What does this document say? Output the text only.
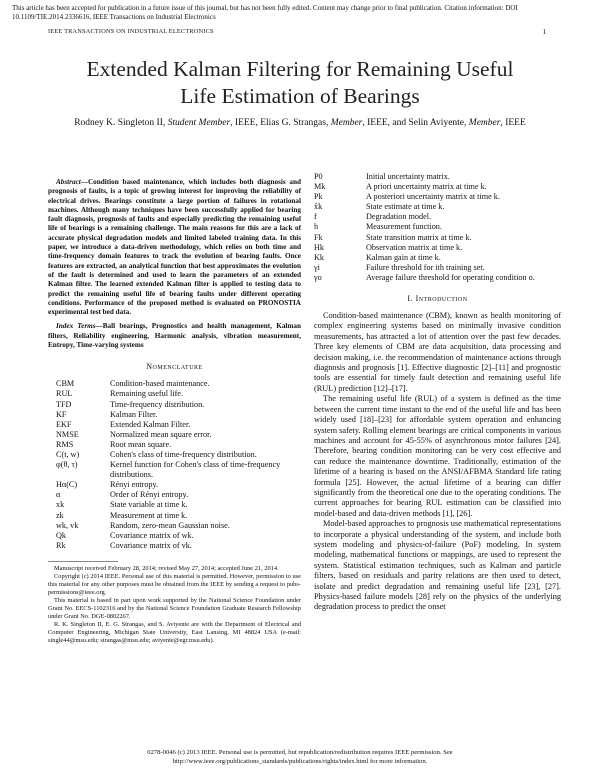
This article has been accepted for publication in a future issue of this journal, but has not been fully edited. Content may change prior to final publication. Citation information: DOI 10.1109/TIE.2014.2336616, IEEE Transactions on Industrial Electronics
IEEE TRANSACTIONS ON INDUSTRIAL ELECTRONICS	1
Extended Kalman Filtering for Remaining Useful
Life Estimation of Bearings
Rodney K. Singleton II, Student Member, IEEE, Elias G. Strangas, Member, IEEE, and Selin Aviyente, Member, IEEE

Abstract—Condition based maintenance, which includes both diagnosis and prognosis of faults, is a topic of growing interest for improving the reliability of electrical drives. Bearings constitute a large portion of failures in rotational machines. Although many techniques have been successfully applied for bearing fault diagnosis, prognosis of faults and especially predicting the remaining useful life of bearings is a remaining challenge. The main reasons for this are a lack of accurate physical degradation models and limited labeled training data. In this paper, we introduce a data-driven methodology, which relies on both time and time-frequency domain features to track the evolution of bearing faults. Once features are extracted, an analytical function that best approximates the evolution of the fault is determined and used to learn the parameters of an extended Kalman filter. The learned extended Kalman filter is applied to testing data to predict the remaining useful life of bearing faults under different operating conditions. Performance of the proposed method is evaluated on PRONOSTIA experimental test bed data.

Index Terms—Ball bearings, Prognostics and health management, Kalman filters, Reliability engineering, Harmonic analysis, vibration measurement, Entropy, Time-varying systems

Nomenclature
CBM	Condition-based maintenance.
RUL	Remaining useful life.
TFD	Time-frequency distribution.
KF	Kalman Filter.
EKF	Extended Kalman Filter.
NMSE	Normalized mean square error.
RMS	Root mean square.
C(t, w)	Cohen's class of time-frequency distribution.
φ(θ, τ)	Kernel function for Cohen's class of time-frequency distributions.
Hα(C)	Rényi entropy.
α	Order of Rényi entropy.
xk	State variable at time k.
zk	Measurement at time k.
wk, vk	Random, zero-mean Gaussian noise.
Qk	Covariance matrix of wk.
Rk	Covariance matrix of vk.

Manuscript received February 28, 2014; revised May 27, 2014; accepted June 21, 2014.

Copyright (c) 2014 IEEE. Personal use of this material is permitted. However, permission to use this material for any other purposes must be obtained from the IEEE by sending a request to pubs-permissions@ieee.org.

This material is based in part upon work supported by the National Science Foundation under Grant No. EECS-1102316 and by the National Science Foundation Graduate Research Fellowship under Grant No. DGE-0802267.

R. K. Singleton II, E. G. Strangas, and S. Aviyente are with the Department of Electrical and Computer Engineering, Michigan State University, East Lansing, MI 48824 USA (e-mail: single44@msu.edu; strangas@msu.edu; aviyente@egr.msu.edu).

P0	Initial uncertainty matrix.
Mk	A priori uncertainty matrix at time k.
Pk	A posteriori uncertainty matrix at time k.
x̂k	State estimate at time k.
f	Degradation model.
h	Measurement function.
Fk	State transition matrix at time k.
Hk	Observation matrix at time k.
Kk	Kalman gain at time k.
γi	Failure threshold for ith training set.
γo	Average failure threshold for operating condition o.
I. Introduction

Condition-based maintenance (CBM), known as health monitoring of complex engineering systems based on minimally invasive condition measurements, has attracted a lot of attention over the past few decades. Three key elements of CBM are data acquisition, data processing and decision making, i.e. the recommendation of maintenance actions through diagnosis and prognosis [1]. Effective diagnostic [2]–[11] and prognostic tools are essential for timely fault detection and remaining useful life (RUL) prediction [12]–[17].

The remaining useful life (RUL) of a system is defined as the time between the current time instant to the end of the useful life and has been widely used [18]–[23] for affordable system operation and enhancing system safety. Rolling element bearings are critical components in various machines and account for 45-55% of asynchronous motor failures [24]. Therefore, bearing condition monitoring can be very cost effective and can reduce the maintenance downtime. Traditionally, estimation of the lifetime of a bearing is based on the ANSI/AFBMA Standard life rating formula [25]. However, the actual lifetime of a bearing can differ significantly from the theoretical one due to the operating conditions. The current approaches for bearing RUL estimation can be classified into model-based and data-driven methods [1], [26].

Model-based approaches to prognosis use mathematical representations to incorporate a physical understanding of the system, and include both system modeling and physics-of-failure (PoF) modeling. In system modeling, mathematical functions or mappings, are used to represent the system. Statistical estimation techniques, such as Kalman and particle filters, based on residuals and parity relations are then used to detect, isolate and predict degradation and remaining useful life [23], [27]. Physics-based failure models [28] rely on the physics of the underlying degradation process to predict the onset

0278-0046 (c) 2013 IEEE. Personal use is permitted, but republication/redistribution requires IEEE permission. See
http://www.ieee.org/publications_standards/publications/rights/index.html for more information.
